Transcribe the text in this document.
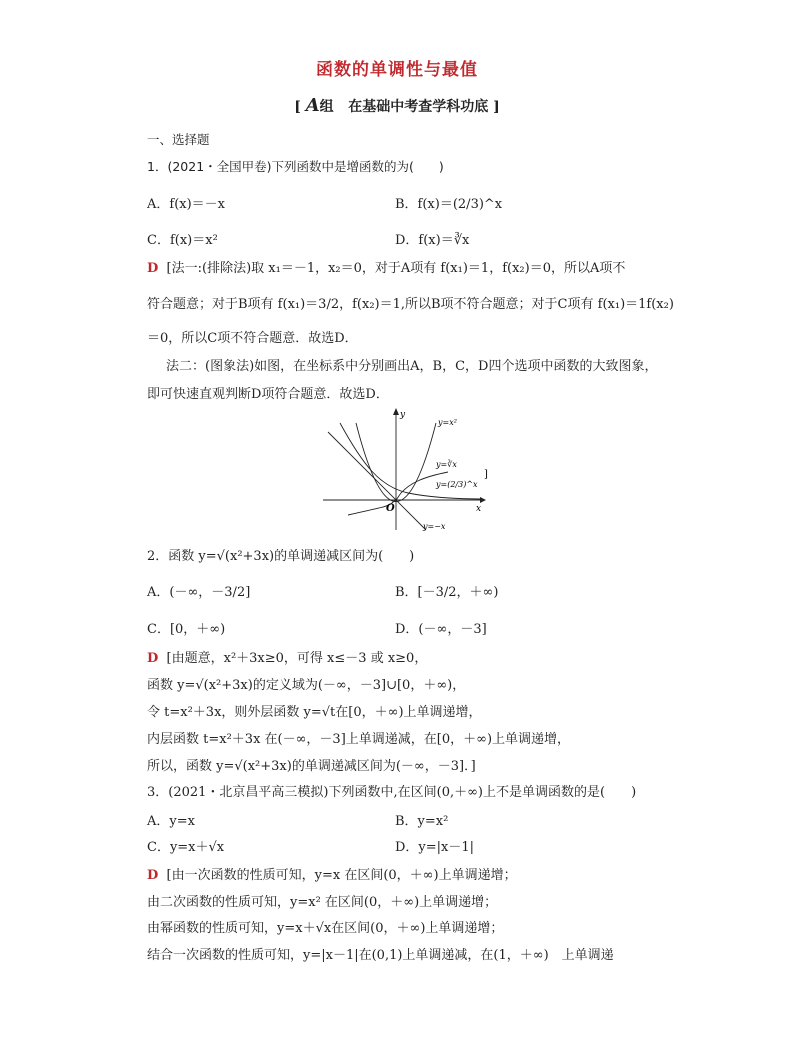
函数的单调性与最值
[ A组 在基础中考查学科功底 ]
一、选择题
1．(2021・全国甲卷)下列函数中是增函数的为(　　)
A．f(x)＝－x	B．f(x)＝(2/3)^x
C．f(x)＝x²	D．f(x)＝∛x
D [法一:(排除法)取 x₁＝－1，x₂＝0，对于A项有 f(x₁)＝1，f(x₂)＝0，所以A项不
符合题意；对于B项有 f(x₁)＝3/2，f(x₂)＝1,所以B项不符合题意；对于C项有 f(x₁)＝1f(x₂)
＝0，所以C项不符合题意．故选D．
法二：(图象法)如图，在坐标系中分别画出A，B，C，D四个选项中函数的大致图象，
即可快速直观判断D项符合题意．故选D．
y
x
O
y=x²
y=∛x
y=(2/3)^x
y=−x
]
2．函数 y=√(x²+3x)的单调递减区间为(　　)
A．(－∞，－3/2]	B．[－3/2，＋∞)
C．[0，＋∞)	D．(－∞，－3]
D [由题意，x²＋3x≥0，可得 x≤－3 或 x≥0，
函数 y=√(x²+3x)的定义域为(－∞，－3]∪[0，＋∞)，
令 t=x²＋3x，则外层函数 y=√t在[0，＋∞)上单调递增，
内层函数 t=x²＋3x 在(－∞，－3]上单调递减，在[0，＋∞)上单调递增，
所以，函数 y=√(x²+3x)的单调递减区间为(－∞，－3]．]
3．(2021・北京昌平高三模拟)下列函数中,在区间(0,＋∞)上不是单调函数的是(　　)
A．y=x	B．y=x²
C．y=x＋√x	D．y=|x－1|
D [由一次函数的性质可知，y=x 在区间(0，＋∞)上单调递增；
由二次函数的性质可知，y=x² 在区间(0，＋∞)上单调递增；
由幂函数的性质可知，y=x＋√x在区间(0，＋∞)上单调递增；
结合一次函数的性质可知，y=|x－1|在(0,1)上单调递减，在(1，＋∞)　上单调递
